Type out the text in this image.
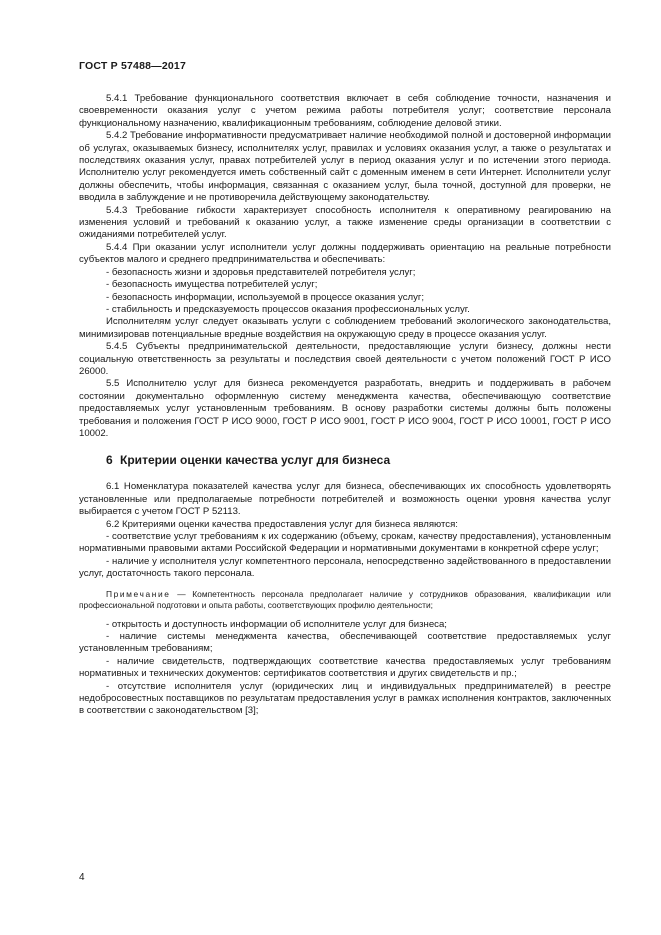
ГОСТ Р 57488—2017

5.4.1 Требование функционального соответствия включает в себя соблюдение точности, назначения и своевременности оказания услуг с учетом режима работы потребителя услуг; соответствие персонала функциональному назначению, квалификационным требованиям, соблюдение деловой этики.

5.4.2 Требование информативности предусматривает наличие необходимой полной и достоверной информации об услугах, оказываемых бизнесу, исполнителях услуг, правилах и условиях оказания услуг, а также о результатах и последствиях оказания услуг, правах потребителей услуг в период оказания услуг и по истечении этого периода. Исполнителю услуг рекомендуется иметь собственный сайт с доменным именем в сети Интернет. Исполнители услуг должны обеспечить, чтобы информация, связанная с оказанием услуг, была точной, доступной для проверки, не вводила в заблуждение и не противоречила действующему законодательству.

5.4.3 Требование гибкости характеризует способность исполнителя к оперативному реагированию на изменения условий и требований к оказанию услуг, а также изменение среды организации в соответствии с ожиданиями потребителей услуг.

5.4.4 При оказании услуг исполнители услуг должны поддерживать ориентацию на реальные потребности субъектов малого и среднего предпринимательства и обеспечивать:

- безопасность жизни и здоровья представителей потребителя услуг;

- безопасность имущества потребителей услуг;

- безопасность информации, используемой в процессе оказания услуг;

- стабильность и предсказуемость процессов оказания профессиональных услуг.

Исполнителям услуг следует оказывать услуги с соблюдением требований экологического законодательства, минимизировав потенциальные вредные воздействия на окружающую среду в процессе оказания услуг.

5.4.5 Субъекты предпринимательской деятельности, предоставляющие услуги бизнесу, должны нести социальную ответственность за результаты и последствия своей деятельности с учетом положений ГОСТ Р ИСО 26000.

5.5 Исполнителю услуг для бизнеса рекомендуется разработать, внедрить и поддерживать в рабочем состоянии документально оформленную систему менеджмента качества, обеспечивающую соответствие предоставляемых услуг установленным требованиям. В основу разработки системы должны быть положены требования и положения ГОСТ Р ИСО 9000, ГОСТ Р ИСО 9001, ГОСТ Р ИСО 9004, ГОСТ Р ИСО 10001, ГОСТ Р ИСО 10002.

6 Критерии оценки качества услуг для бизнеса

6.1 Номенклатура показателей качества услуг для бизнеса, обеспечивающих их способность удовлетворять установленные или предполагаемые потребности потребителей и возможность оценки уровня качества услуг выбирается с учетом ГОСТ Р 52113.

6.2 Критериями оценки качества предоставления услуг для бизнеса являются:

- соответствие услуг требованиям к их содержанию (объему, срокам, качеству предоставления), установленным нормативными правовыми актами Российской Федерации и нормативными документами в конкретной сфере услуг;

- наличие у исполнителя услуг компетентного персонала, непосредственно задействованного в предоставлении услуг, достаточность такого персонала.

Примечание — Компетентность персонала предполагает наличие у сотрудников образования, квалификации или профессиональной подготовки и опыта работы, соответствующих профилю деятельности;

- открытость и доступность информации об исполнителе услуг для бизнеса;

- наличие системы менеджмента качества, обеспечивающей соответствие предоставляемых услуг установленным требованиям;

- наличие свидетельств, подтверждающих соответствие качества предоставляемых услуг требованиям нормативных и технических документов: сертификатов соответствия и других свидетельств и пр.;

- отсутствие исполнителя услуг (юридических лиц и индивидуальных предпринимателей) в реестре недобросовестных поставщиков по результатам предоставления услуг в рамках исполнения контрактов, заключенных в соответствии с законодательством [3];

4
